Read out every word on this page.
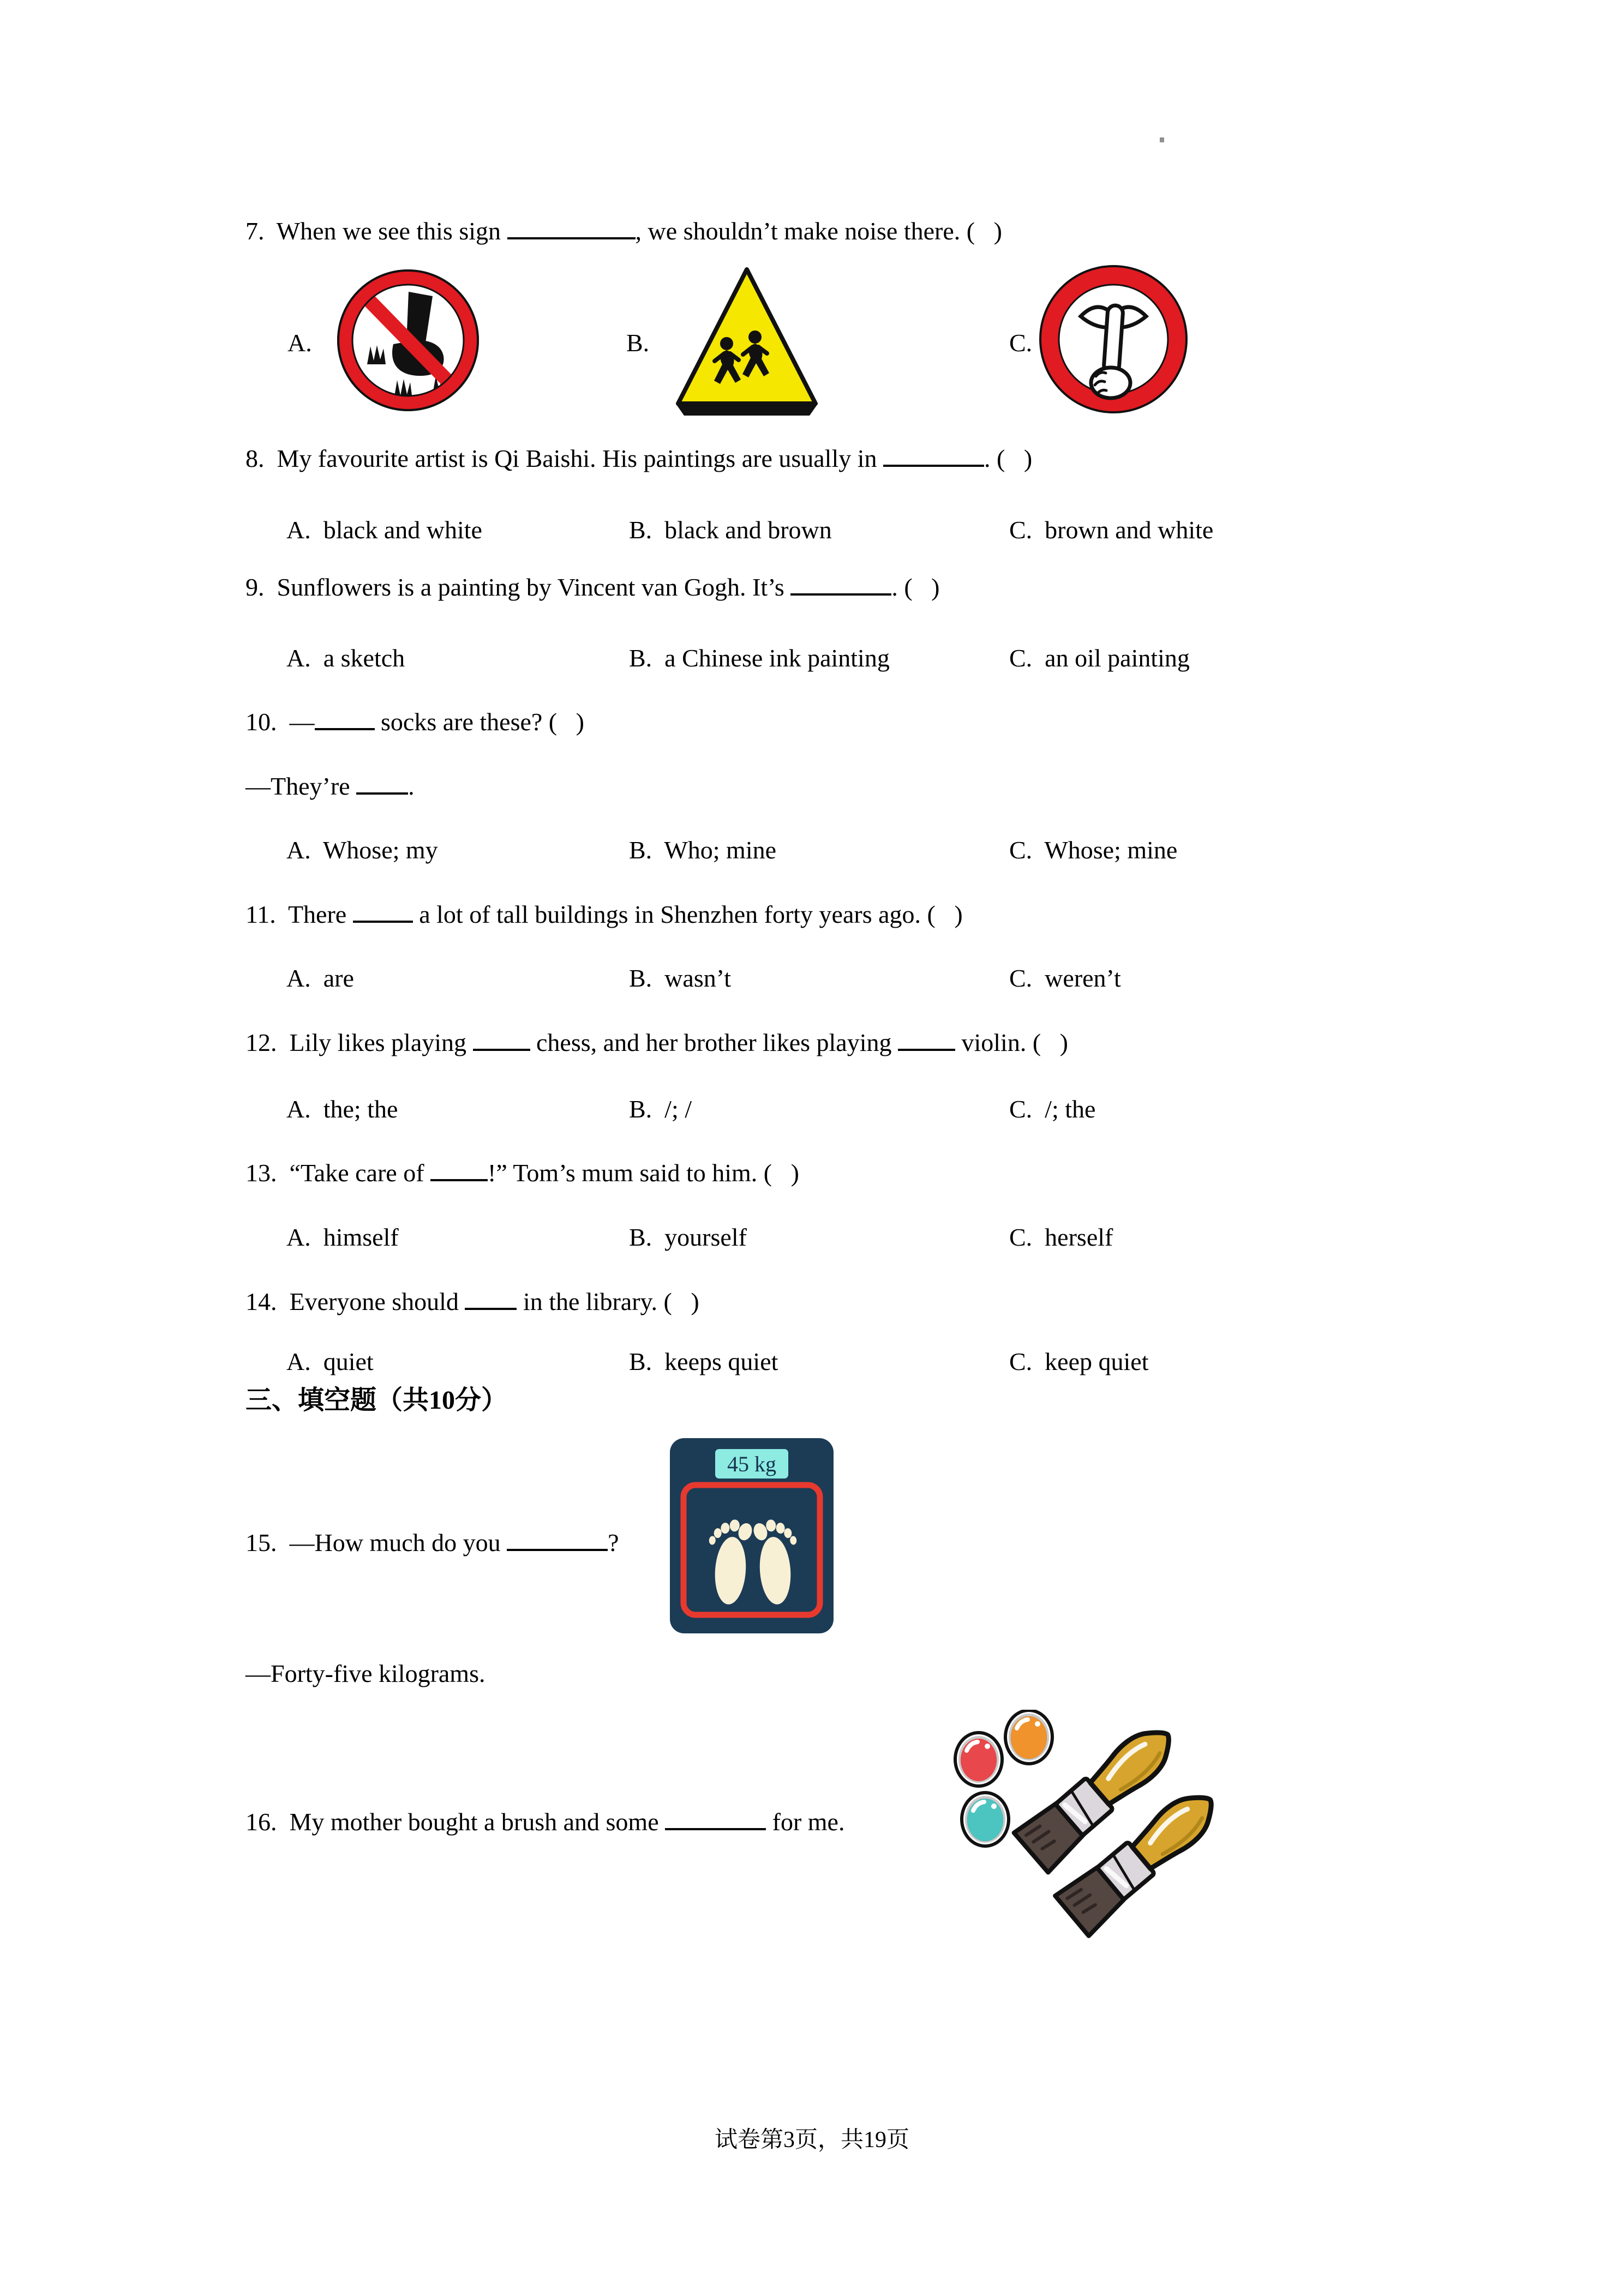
45 kg
7.  When we see this sign	, we shouldn’t make noise there. (   )
A.	B.	C.
8.  My favourite artist is Qi Baishi. His paintings are usually in	. (   )
A.  black and white	B.  black and brown	C.  brown and white
9.  Sunflowers is a painting by Vincent van Gogh. It’s	. (   )
A.  a sketch	B.  a Chinese ink painting	C.  an oil painting
10.  — socks are these? (   )
—They’re .
A.  Whose; my	B.  Who; mine	C.  Whose; mine
11.  There  a lot of tall buildings in Shenzhen forty years ago. (   )
A.  are	B.  wasn’t	C.  weren’t
12.  Lily likes playing  chess, and her brother likes playing  violin. (   )
A.  the; the	B.  /; /	C.  /; the
13.  “Take care of !” Tom’s mum said to him. (   )
A.  himself	B.  yourself	C.  herself
14.  Everyone should  in the library. (   )
A.  quiet	B.  keeps quiet	C.  keep quiet
三、填空题（共10分）
15.  —How much do you	?
—Forty-five kilograms.
16.  My mother bought a brush and some	for me.
试卷第3页，共19页
